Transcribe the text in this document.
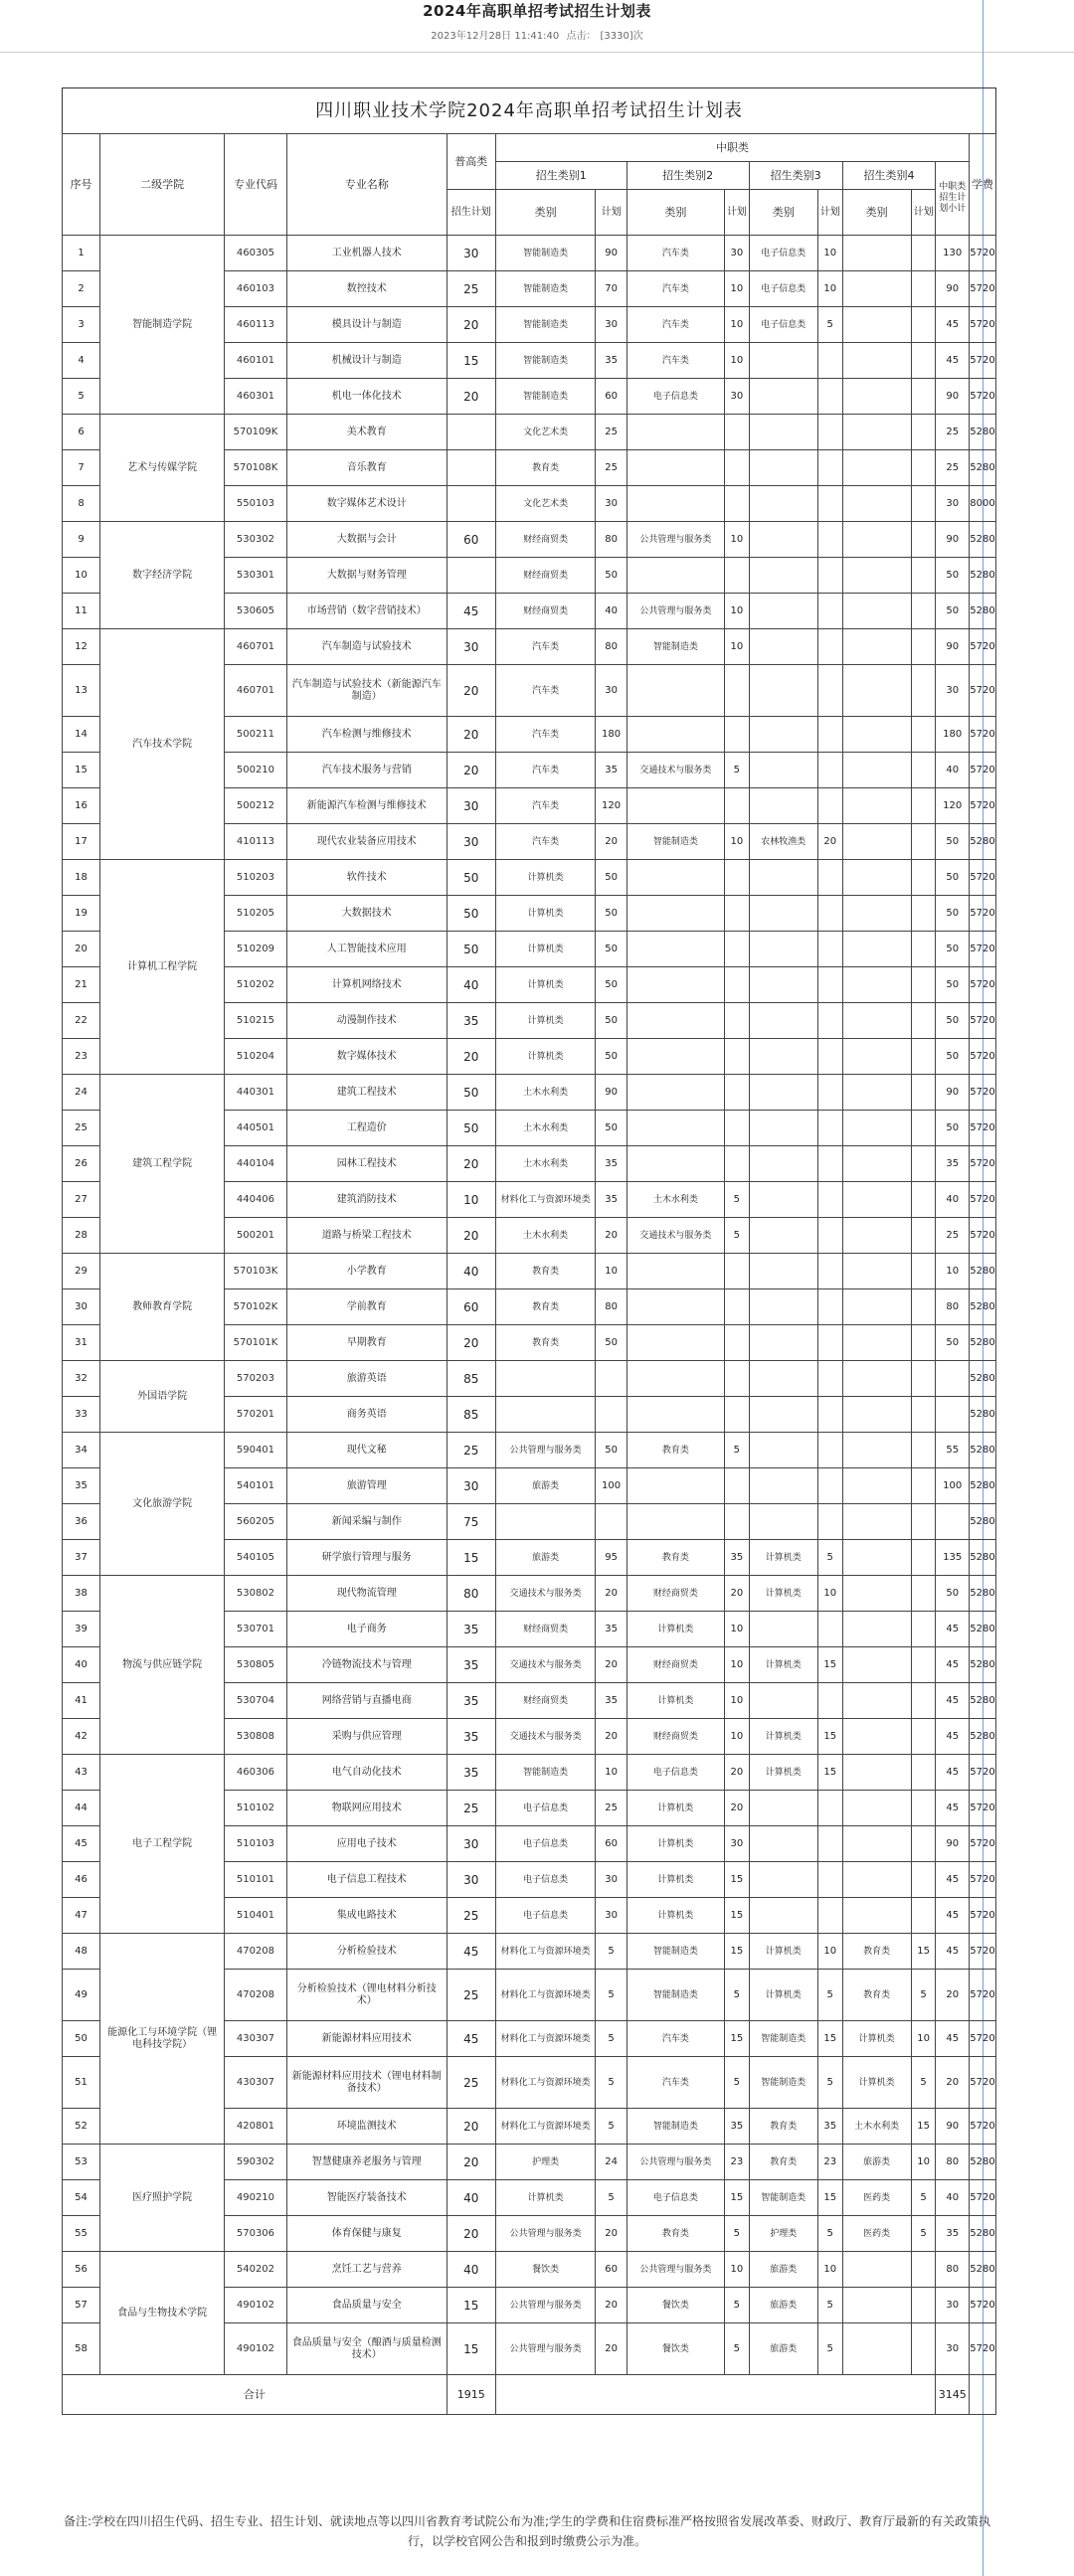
2024年高职单招考试招生计划表
2023年12月28日 11:41:40 点击： [3330]次
四川职业技术学院2024年高职单招考试招生计划表
序号	二级学院	专业代码	专业名称	普高类	中职类									学费
					招生类别1		招生类别2		招生类别3		招生类别4		中职类招生计划小计	
				招生计划	类别	计划	类别	计划	类别	计划	类别	计划		
1	智能制造学院	460305	工业机器人技术	30	智能制造类	90	汽车类	30	电子信息类	10			130	5720
2		460103	数控技术	25	智能制造类	70	汽车类	10	电子信息类	10			90	5720
3		460113	模具设计与制造	20	智能制造类	30	汽车类	10	电子信息类	5			45	5720
4		460101	机械设计与制造	15	智能制造类	35	汽车类	10					45	5720
5		460301	机电一体化技术	20	智能制造类	60	电子信息类	30					90	5720
6	艺术与传媒学院	570109K	美术教育		文化艺术类	25							25	5280
7		570108K	音乐教育		教育类	25							25	5280
8		550103	数字媒体艺术设计		文化艺术类	30							30	8000
9	数字经济学院	530302	大数据与会计	60	财经商贸类	80	公共管理与服务类	10					90	5280
10		530301	大数据与财务管理		财经商贸类	50							50	5280
11		530605	市场营销（数字营销技术）	45	财经商贸类	40	公共管理与服务类	10					50	5280
12	汽车技术学院	460701	汽车制造与试验技术	30	汽车类	80	智能制造类	10					90	5720
13		460701	汽车制造与试验技术（新能源汽车制造）	20	汽车类	30							30	5720
14		500211	汽车检测与维修技术	20	汽车类	180							180	5720
15		500210	汽车技术服务与营销	20	汽车类	35	交通技术与服务类	5					40	5720
16		500212	新能源汽车检测与维修技术	30	汽车类	120							120	5720
17		410113	现代农业装备应用技术	30	汽车类	20	智能制造类	10	农林牧渔类	20			50	5280
18	计算机工程学院	510203	软件技术	50	计算机类	50							50	5720
19		510205	大数据技术	50	计算机类	50							50	5720
20		510209	人工智能技术应用	50	计算机类	50							50	5720
21		510202	计算机网络技术	40	计算机类	50							50	5720
22		510215	动漫制作技术	35	计算机类	50							50	5720
23		510204	数字媒体技术	20	计算机类	50							50	5720
24	建筑工程学院	440301	建筑工程技术	50	土木水利类	90							90	5720
25		440501	工程造价	50	土木水利类	50							50	5720
26		440104	园林工程技术	20	土木水利类	35							35	5720
27		440406	建筑消防技术	10	材料化工与资源环境类	35	土木水利类	5					40	5720
28		500201	道路与桥梁工程技术	20	土木水利类	20	交通技术与服务类	5					25	5720
29	教师教育学院	570103K	小学教育	40	教育类	10							10	5280
30		570102K	学前教育	60	教育类	80							80	5280
31		570101K	早期教育	20	教育类	50							50	5280
32	外国语学院	570203	旅游英语	85										5280
33		570201	商务英语	85										5280
34	文化旅游学院	590401	现代文秘	25	公共管理与服务类	50	教育类	5					55	5280
35		540101	旅游管理	30	旅游类	100							100	5280
36		560205	新闻采编与制作	75										5280
37		540105	研学旅行管理与服务	15	旅游类	95	教育类	35	计算机类	5			135	5280
38	物流与供应链学院	530802	现代物流管理	80	交通技术与服务类	20	财经商贸类	20	计算机类	10			50	5280
39		530701	电子商务	35	财经商贸类	35	计算机类	10					45	5280
40		530805	冷链物流技术与管理	35	交通技术与服务类	20	财经商贸类	10	计算机类	15			45	5280
41		530704	网络营销与直播电商	35	财经商贸类	35	计算机类	10					45	5280
42		530808	采购与供应管理	35	交通技术与服务类	20	财经商贸类	10	计算机类	15			45	5280
43	电子工程学院	460306	电气自动化技术	35	智能制造类	10	电子信息类	20	计算机类	15			45	5720
44		510102	物联网应用技术	25	电子信息类	25	计算机类	20					45	5720
45		510103	应用电子技术	30	电子信息类	60	计算机类	30					90	5720
46		510101	电子信息工程技术	30	电子信息类	30	计算机类	15					45	5720
47		510401	集成电路技术	25	电子信息类	30	计算机类	15					45	5720
48	能源化工与环境学院（锂电科技学院）	470208	分析检验技术	45	材料化工与资源环境类	5	智能制造类	15	计算机类	10	教育类	15	45	5720
49		470208	分析检验技术（锂电材料分析技术）	25	材料化工与资源环境类	5	智能制造类	5	计算机类	5	教育类	5	20	5720
50		430307	新能源材料应用技术	45	材料化工与资源环境类	5	汽车类	15	智能制造类	15	计算机类	10	45	5720
51		430307	新能源材料应用技术（锂电材料制备技术）	25	材料化工与资源环境类	5	汽车类	5	智能制造类	5	计算机类	5	20	5720
52		420801	环境监测技术	20	材料化工与资源环境类	5	智能制造类	35	教育类	35	土木水利类	15	90	5720
53	医疗照护学院	590302	智慧健康养老服务与管理	20	护理类	24	公共管理与服务类	23	教育类	23	旅游类	10	80	5280
54		490210	智能医疗装备技术	40	计算机类	5	电子信息类	15	智能制造类	15	医药类	5	40	5720
55		570306	体育保健与康复	20	公共管理与服务类	20	教育类	5	护理类	5	医药类	5	35	5280
56	食品与生物技术学院	540202	烹饪工艺与营养	40	餐饮类	60	公共管理与服务类	10	旅游类	10			80	5280
57		490102	食品质量与安全	15	公共管理与服务类	20	餐饮类	5	旅游类	5			30	5720
58		490102	食品质量与安全（酿酒与质量检测技术）	15	公共管理与服务类	20	餐饮类	5	旅游类	5			30	5720
合计				1915									3145	
备注:学校在四川招生代码、招生专业、招生计划、就读地点等以四川省教育考试院公布为准;学生的学费和住宿费标准严格按照省发展改革委、财政厅、教育厅最新的有关政策执行，以学校官网公告和报到时缴费公示为准。
